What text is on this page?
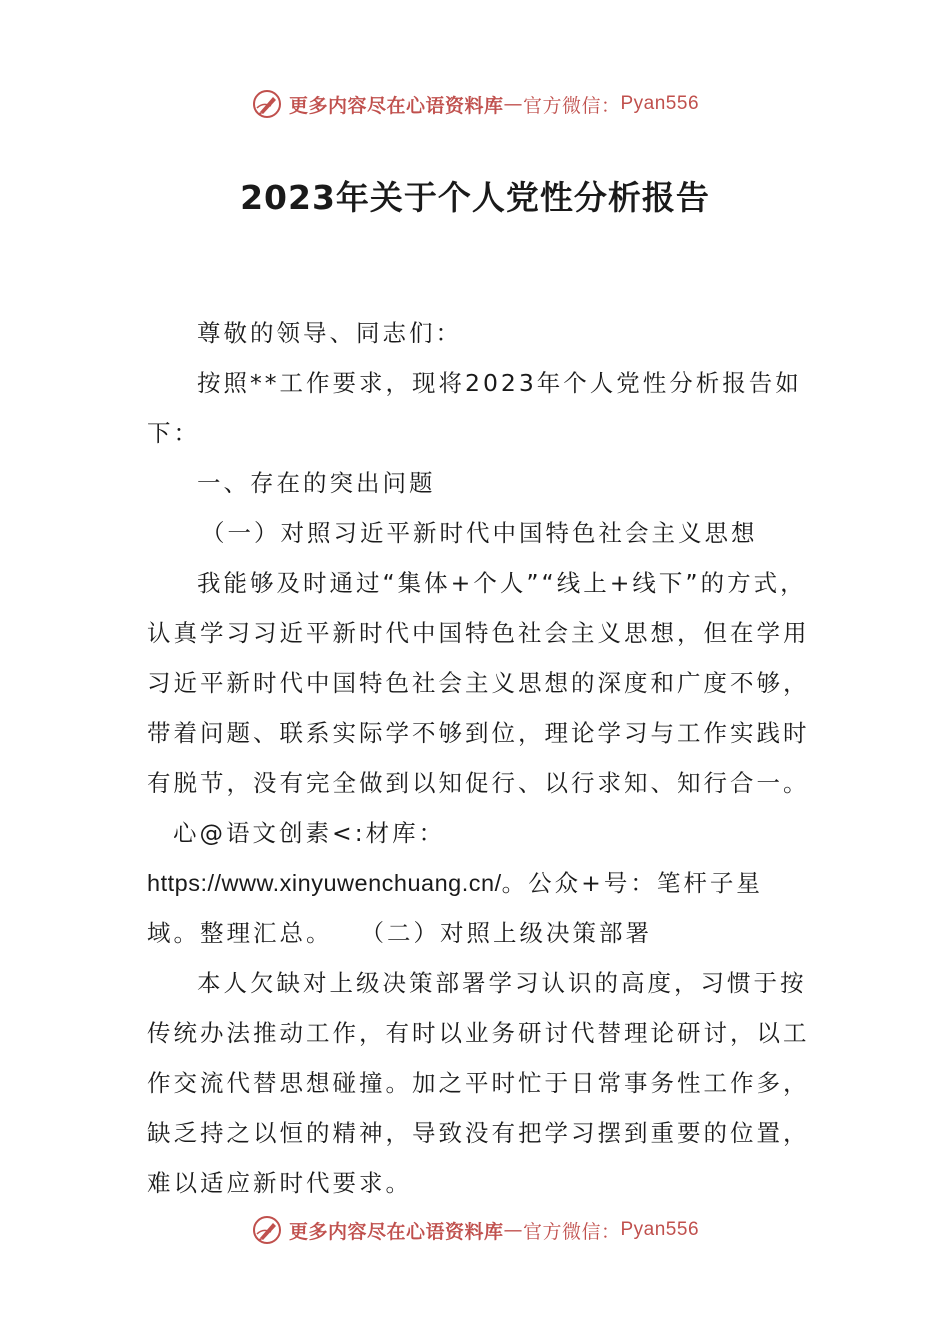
更多内容尽在心语资料库 — 官方微信： Pyan556
2023年关于个人党性分析报告

尊敬的领导、同志们：

按照**工作要求，现将2023年个人党性分析报告如下：

一、存在的突出问题

（一）对照习近平新时代中国特色社会主义思想

我能够及时通过“集体+个人”“线上+线下”的方式，认真学习习近平新时代中国特色社会主义思想，但在学用习近平新时代中国特色社会主义思想的深度和广度不够，带着问题、联系实际学不够到位，理论学习与工作实践时有脱节，没有完全做到以知促行、以行求知、知行合一。

心@语文创素<:材库：https://www.xinyuwenchuang.cn/。公众+号：笔杆子星域。整理汇总。 （二）对照上级决策部署

本人欠缺对上级决策部署学习认识的高度，习惯于按传统办法推动工作，有时以业务研讨代替理论研讨，以工作交流代替思想碰撞。加之平时忙于日常事务性工作多，缺乏持之以恒的精神，导致没有把学习摆到重要的位置，难以适应新时代要求。

更多内容尽在心语资料库 — 官方微信： Pyan556
